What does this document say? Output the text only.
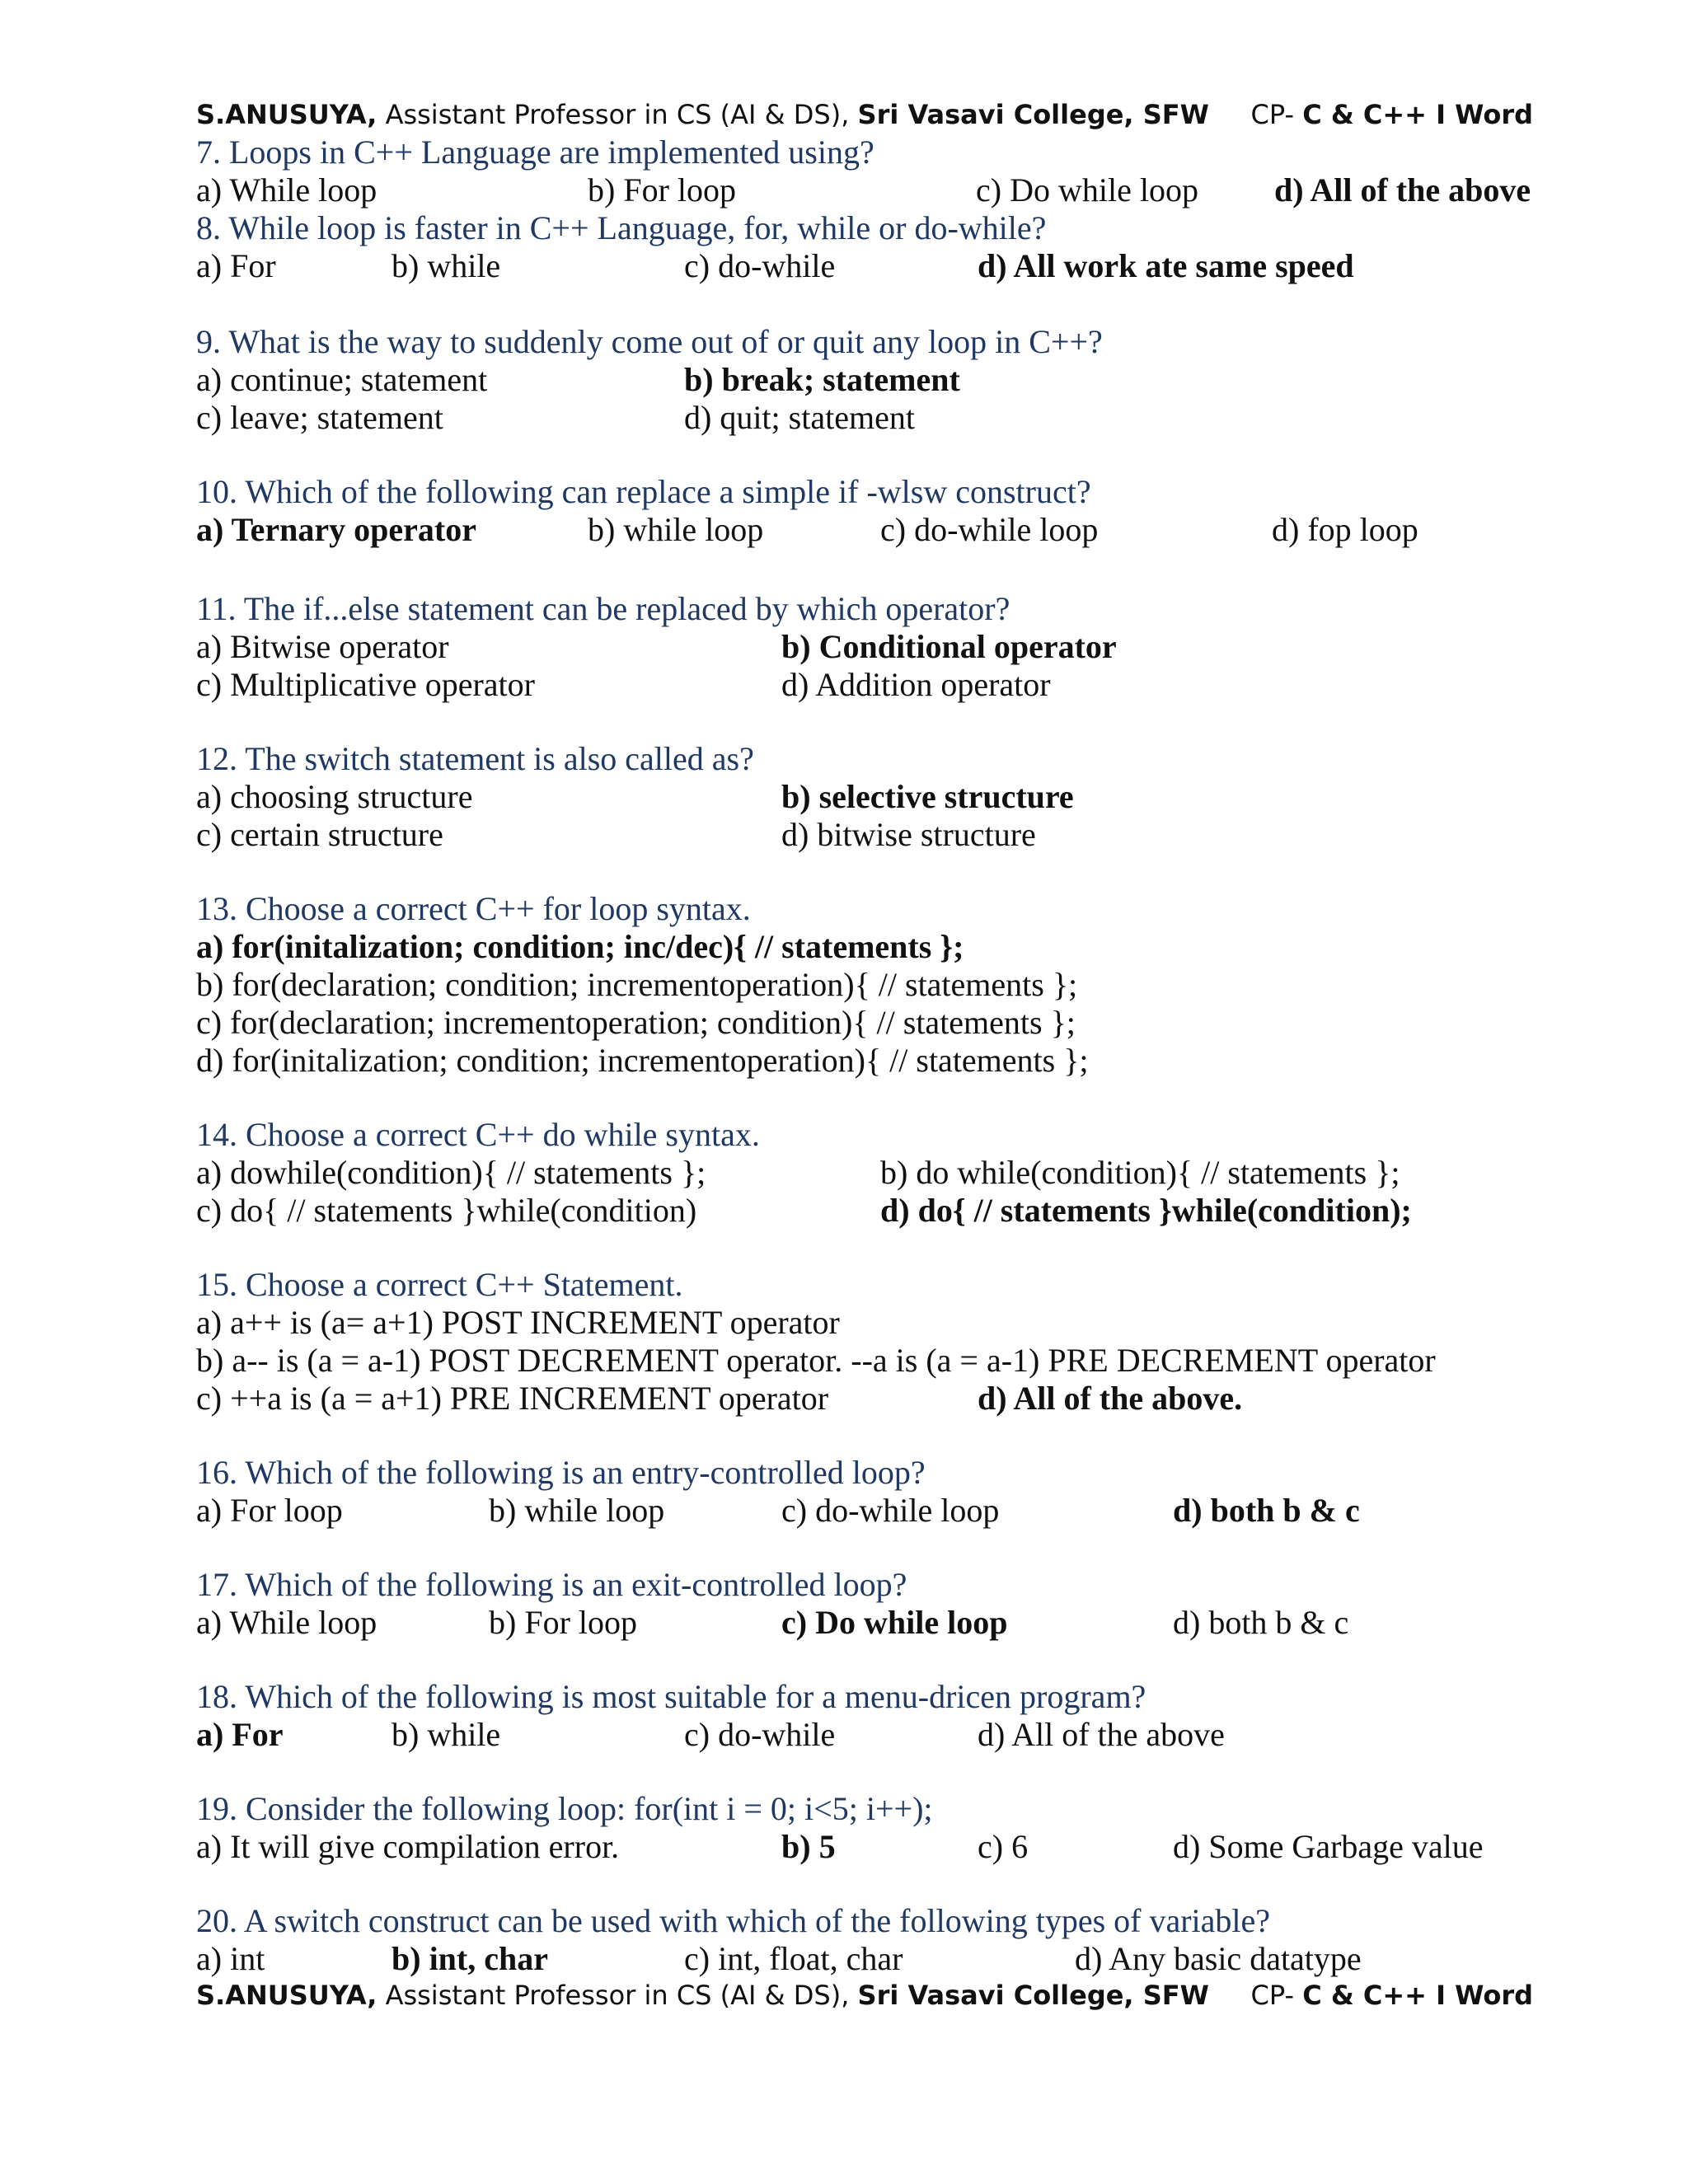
S.ANUSUYA, Assistant Professor in CS (AI & DS), Sri Vasavi College, SFW CP- C & C++ I Word
7. Loops in C++ Language are implemented using?
a) While loop	b) For loop	c) Do while loop d) All of the above
8. While loop is faster in C++ Language, for, while or do-while?
a) For	b) while	c) do-while	d) All work ate same speed
9. What is the way to suddenly come out of or quit any loop in C++?
a) continue; statement	b) break; statement
c) leave; statement	d) quit; statement
10. Which of the following can replace a simple if -wlsw construct?
a) Ternary operator	b) while loop	c) do-while loop	d) fop loop
11. The if...else statement can be replaced by which operator?
a) Bitwise operator	b) Conditional operator
c) Multiplicative operator	d) Addition operator
12. The switch statement is also called as?
a) choosing structure	b) selective structure
c) certain structure	d) bitwise structure
13. Choose a correct C++ for loop syntax.
a) for(initalization; condition; inc/dec){ // statements };
b) for(declaration; condition; incrementoperation){ // statements };
c) for(declaration; incrementoperation; condition){ // statements };
d) for(initalization; condition; incrementoperation){ // statements };
14. Choose a correct C++ do while syntax.
a) dowhile(condition){ // statements };	b) do while(condition){ // statements };
c) do{ // statements }while(condition)	d) do{ // statements }while(condition);
15. Choose a correct C++ Statement.
a) a++ is (a= a+1) POST INCREMENT operator
b) a-- is (a = a-1) POST DECREMENT operator. --a is (a = a-1) PRE DECREMENT operator
c) ++a is (a = a+1) PRE INCREMENT operator	d) All of the above.
16. Which of the following is an entry-controlled loop?
a) For loop	b) while loop	c) do-while loop	d) both b & c
17. Which of the following is an exit-controlled loop?
a) While loop	b) For loop	c) Do while loop	d) both b & c
18. Which of the following is most suitable for a menu-dricen program?
a) For	b) while	c) do-while	d) All of the above
19. Consider the following loop: for(int i = 0; i<5; i++);
a) It will give compilation error.	b) 5	c) 6	d) Some Garbage value
20. A switch construct can be used with which of the following types of variable?
a) int	b) int, char	c) int, float, char	d) Any basic datatype
S.ANUSUYA, Assistant Professor in CS (AI & DS), Sri Vasavi College, SFW CP- C & C++ I Word
